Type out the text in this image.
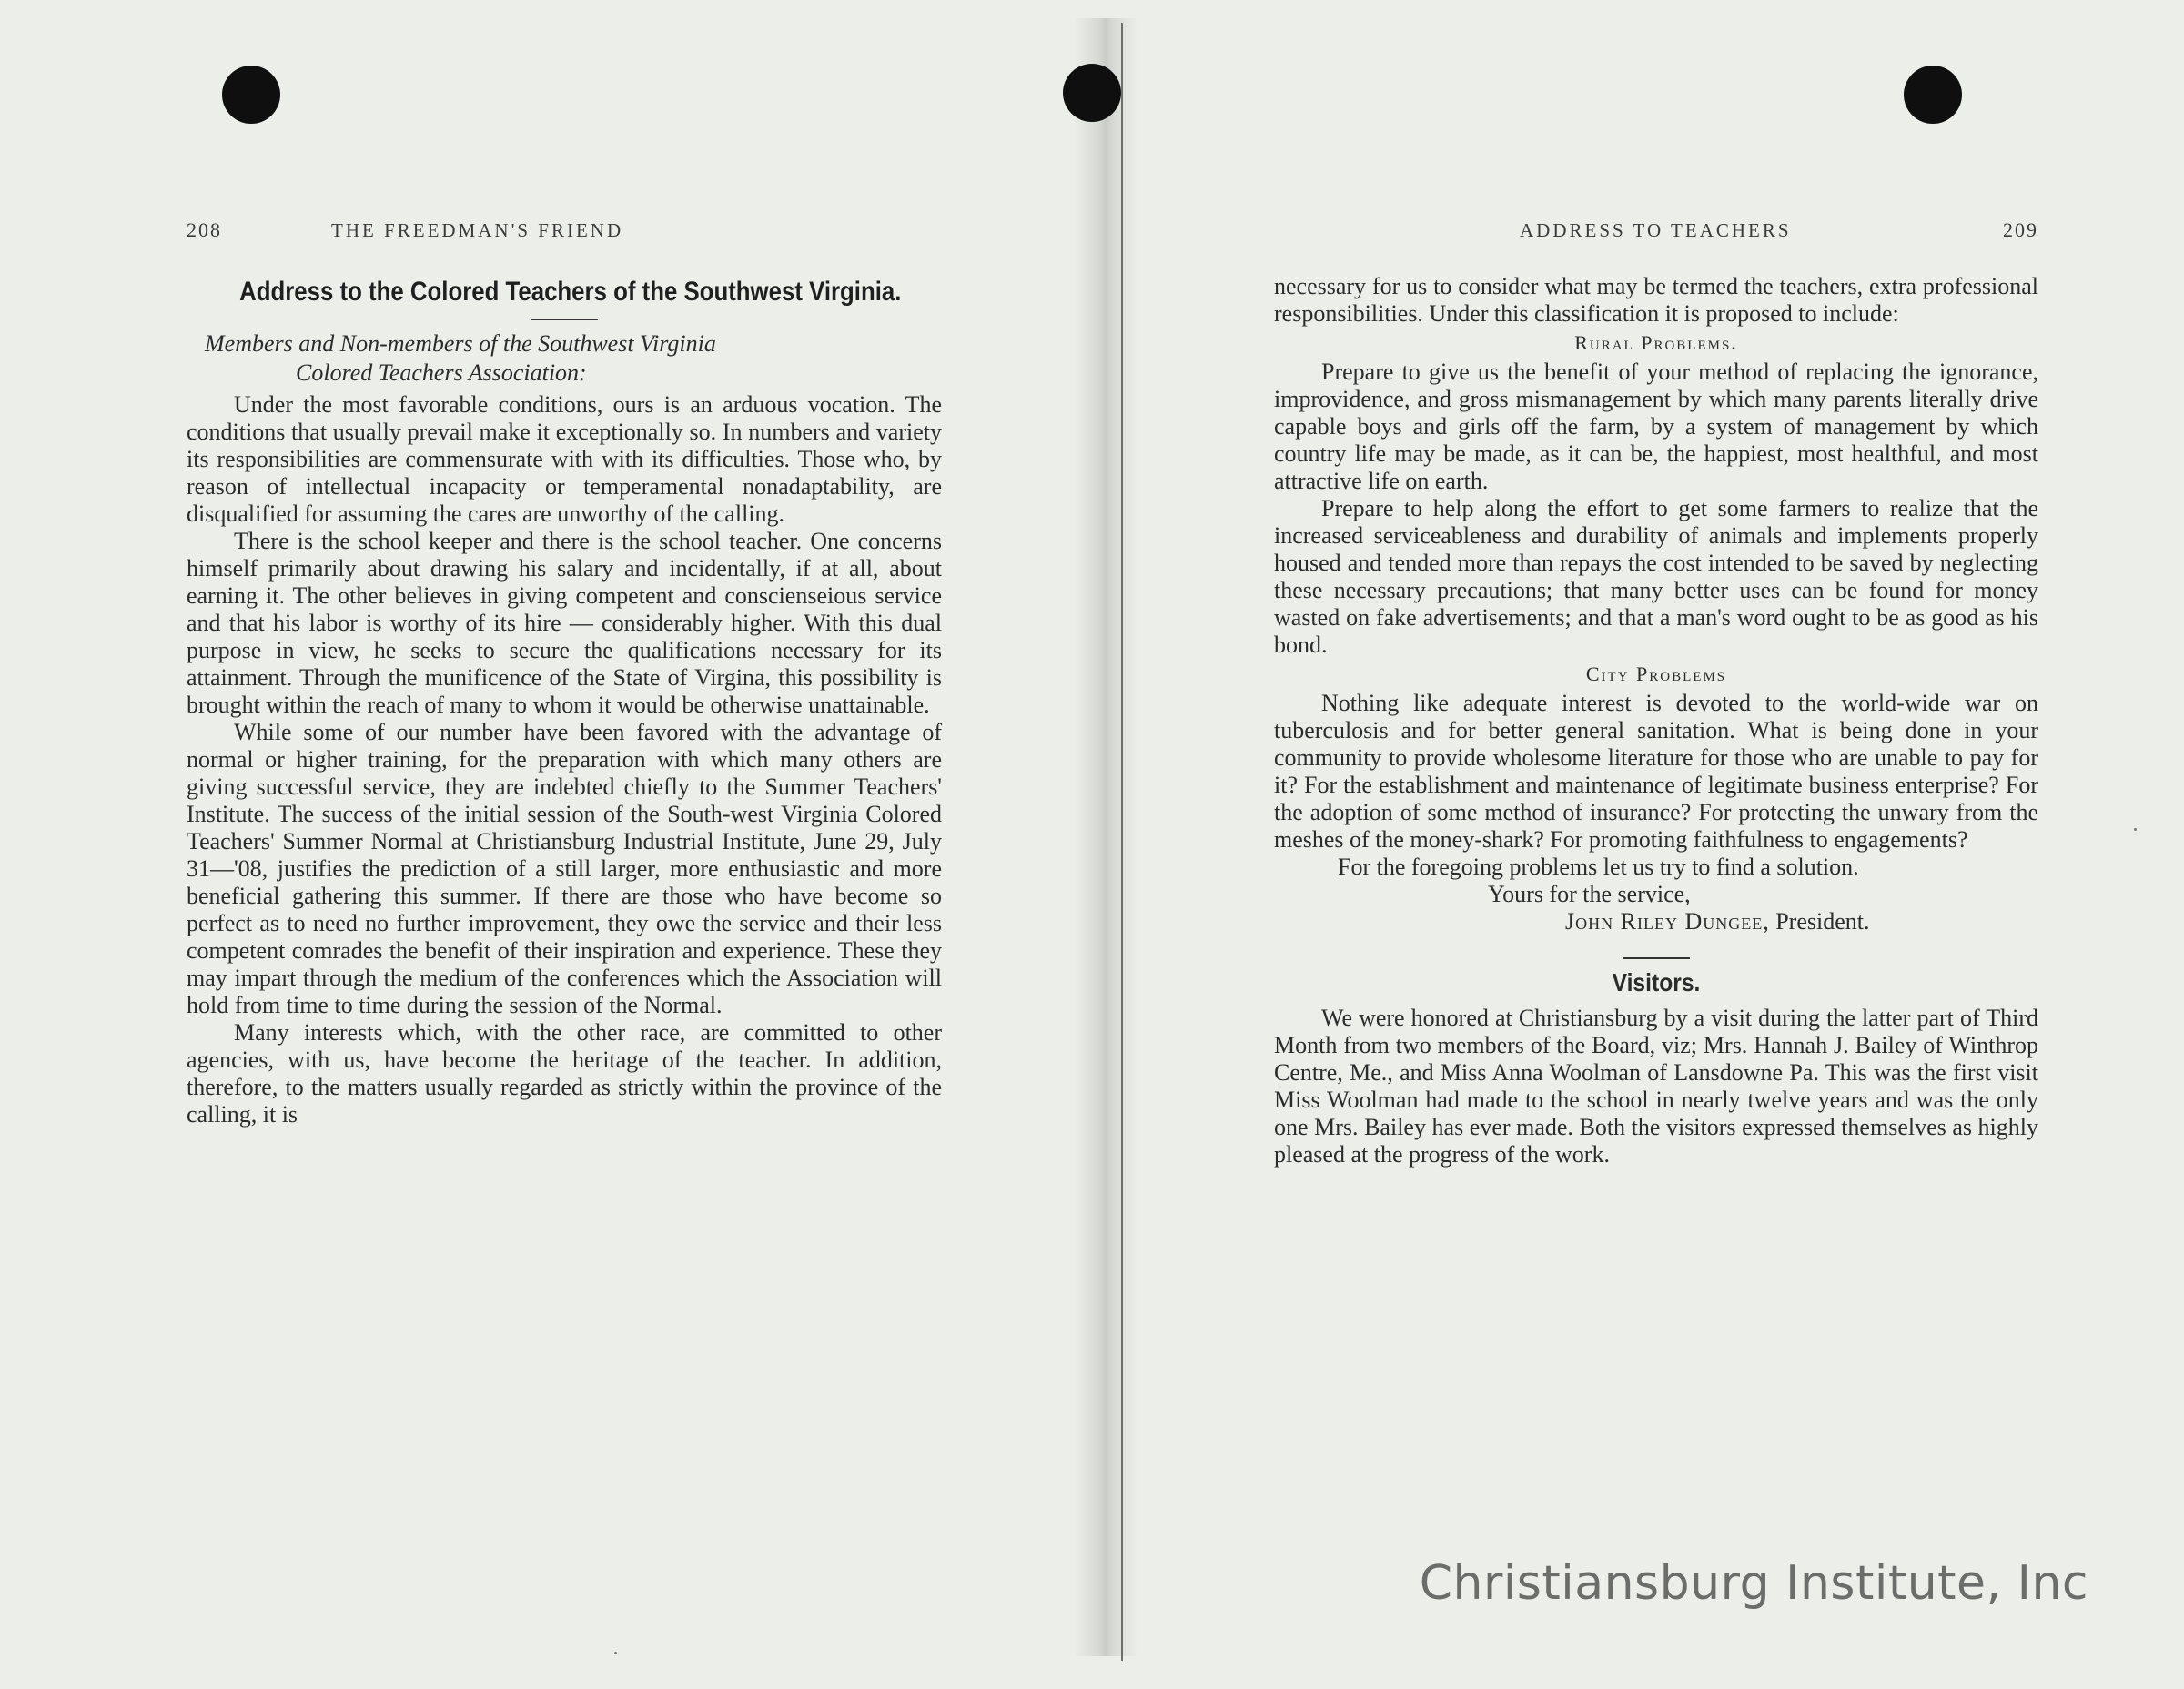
208	THE FREEDMAN'S FRIEND
Address to the Colored Teachers of the Southwest Virginia.
Members and Non-members of the Southwest Virginia
Colored Teachers Association:

Under the most favorable conditions, ours is an arduous vocation. The conditions that usually prevail make it exceptionally so. In numbers and variety its responsibilities are commensurate with with its difficulties. Those who, by reason of intellectual incapacity or temperamental nonadaptability, are disqualified for assuming the cares are unworthy of the calling.

There is the school keeper and there is the school teacher. One concerns himself primarily about drawing his salary and incidentally, if at all, about earning it. The other believes in giving competent and conscienseious service and that his labor is worthy of its hire — considerably higher. With this dual purpose in view, he seeks to secure the qualifications necessary for its attainment. Through the munificence of the State of Virgina, this possibility is brought within the reach of many to whom it would be otherwise unattainable.

While some of our number have been favored with the advantage of normal or higher training, for the preparation with which many others are giving successful service, they are indebted chiefly to the Summer Teachers' Institute. The success of the initial session of the South-west Virginia Colored Teachers' Summer Normal at Christiansburg Industrial Institute, June 29, July 31—'08, justifies the prediction of a still larger, more enthusiastic and more beneficial gathering this summer. If there are those who have become so perfect as to need no further improvement, they owe the service and their less competent comrades the benefit of their inspiration and experience. These they may impart through the medium of the conferences which the Association will hold from time to time during the session of the Normal.

Many interests which, with the other race, are committed to other agencies, with us, have become the heritage of the teacher. In addition, therefore, to the matters usually regarded as strictly within the province of the calling, it is

ADDRESS TO TEACHERS	209

necessary for us to consider what may be termed the teachers, extra professional responsibilities. Under this classification it is proposed to include:

Rural Problems.

Prepare to give us the benefit of your method of replacing the ignorance, improvidence, and gross mismanagement by which many parents literally drive capable boys and girls off the farm, by a system of management by which country life may be made, as it can be, the happiest, most healthful, and most attractive life on earth.

Prepare to help along the effort to get some farmers to realize that the increased serviceableness and durability of animals and implements properly housed and tended more than repays the cost intended to be saved by neglecting these necessary precautions; that many better uses can be found for money wasted on fake advertisements; and that a man's word ought to be as good as his bond.

City Problems

Nothing like adequate interest is devoted to the world-wide war on tuberculosis and for better general sanitation. What is being done in your community to provide wholesome literature for those who are unable to pay for it? For the establishment and maintenance of legitimate business enterprise? For the adoption of some method of insurance? For protecting the unwary from the meshes of the money-shark? For promoting faithfulness to engagements?

For the foregoing problems let us try to find a solution.
Yours for the service,
John Riley Dungee, President.
Visitors.

We were honored at Christiansburg by a visit during the latter part of Third Month from two members of the Board, viz; Mrs. Hannah J. Bailey of Winthrop Centre, Me., and Miss Anna Woolman of Lansdowne Pa. This was the first visit Miss Woolman had made to the school in nearly twelve years and was the only one Mrs. Bailey has ever made. Both the visitors expressed themselves as highly pleased at the progress of the work.

Christiansburg Institute, Inc
